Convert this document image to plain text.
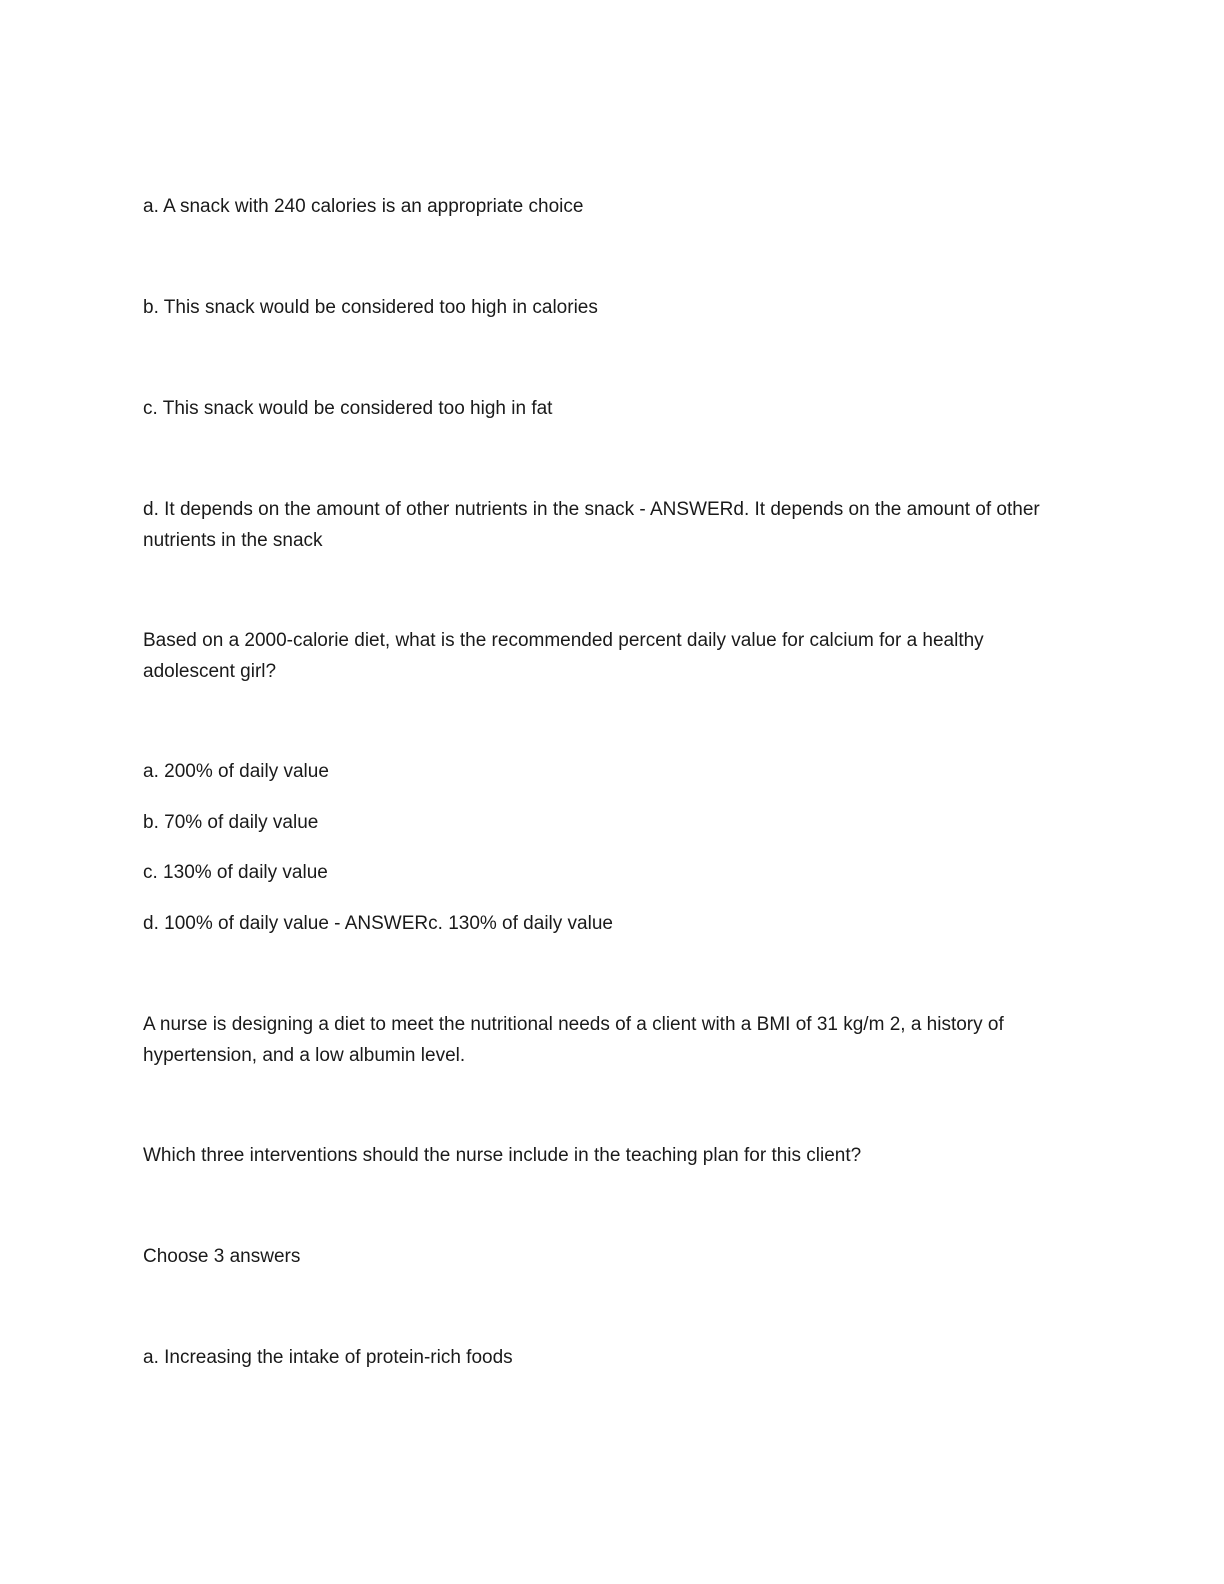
a. A snack with 240 calories is an appropriate choice
b. This snack would be considered too high in calories
c. This snack would be considered too high in fat
d. It depends on the amount of other nutrients in the snack - ANSWERd. It depends on the amount of other nutrients in the snack
Based on a 2000-calorie diet, what is the recommended percent daily value for calcium for a healthy adolescent girl?
a. 200% of daily value
b. 70% of daily value
c. 130% of daily value
d. 100% of daily value - ANSWERc. 130% of daily value
A nurse is designing a diet to meet the nutritional needs of a client with a BMI of 31 kg/m 2, a history of hypertension, and a low albumin level.
Which three interventions should the nurse include in the teaching plan for this client?
Choose 3 answers
a. Increasing the intake of protein-rich foods
